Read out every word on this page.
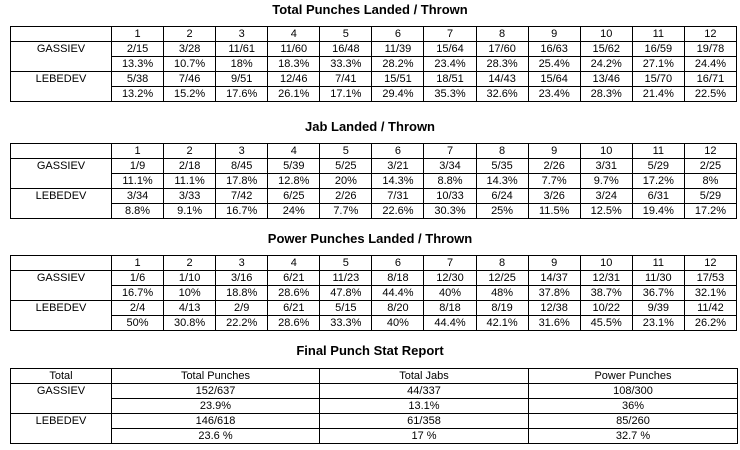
Total Punches Landed / Thrown
	1	2	3	4	5	6	7	8	9	10	11	12
GASSIEV	2/15	3/28	11/61	11/60	16/48	11/39	15/64	17/60	16/63	15/62	16/59	19/78
	13.3%	10.7%	18%	18.3%	33.3%	28.2%	23.4%	28.3%	25.4%	24.2%	27.1%	24.4%
LEBEDEV	5/38	7/46	9/51	12/46	7/41	15/51	18/51	14/43	15/64	13/46	15/70	16/71
	13.2%	15.2%	17.6%	26.1%	17.1%	29.4%	35.3%	32.6%	23.4%	28.3%	21.4%	22.5%
Jab Landed / Thrown
	1	2	3	4	5	6	7	8	9	10	11	12
GASSIEV	1/9	2/18	8/45	5/39	5/25	3/21	3/34	5/35	2/26	3/31	5/29	2/25
	11.1%	11.1%	17.8%	12.8%	20%	14.3%	8.8%	14.3%	7.7%	9.7%	17.2%	8%
LEBEDEV	3/34	3/33	7/42	6/25	2/26	7/31	10/33	6/24	3/26	3/24	6/31	5/29
	8.8%	9.1%	16.7%	24%	7.7%	22.6%	30.3%	25%	11.5%	12.5%	19.4%	17.2%
Power Punches Landed / Thrown
	1	2	3	4	5	6	7	8	9	10	11	12
GASSIEV	1/6	1/10	3/16	6/21	11/23	8/18	12/30	12/25	14/37	12/31	11/30	17/53
	16.7%	10%	18.8%	28.6%	47.8%	44.4%	40%	48%	37.8%	38.7%	36.7%	32.1%
LEBEDEV	2/4	4/13	2/9	6/21	5/15	8/20	8/18	8/19	12/38	10/22	9/39	11/42
	50%	30.8%	22.2%	28.6%	33.3%	40%	44.4%	42.1%	31.6%	45.5%	23.1%	26.2%
Final Punch Stat Report
Total	Total Punches	Total Jabs	Power Punches
GASSIEV	152/637	44/337	108/300
	23.9%	13.1%	36%
LEBEDEV	146/618	61/358	85/260
	23.6 %	17 %	32.7 %
